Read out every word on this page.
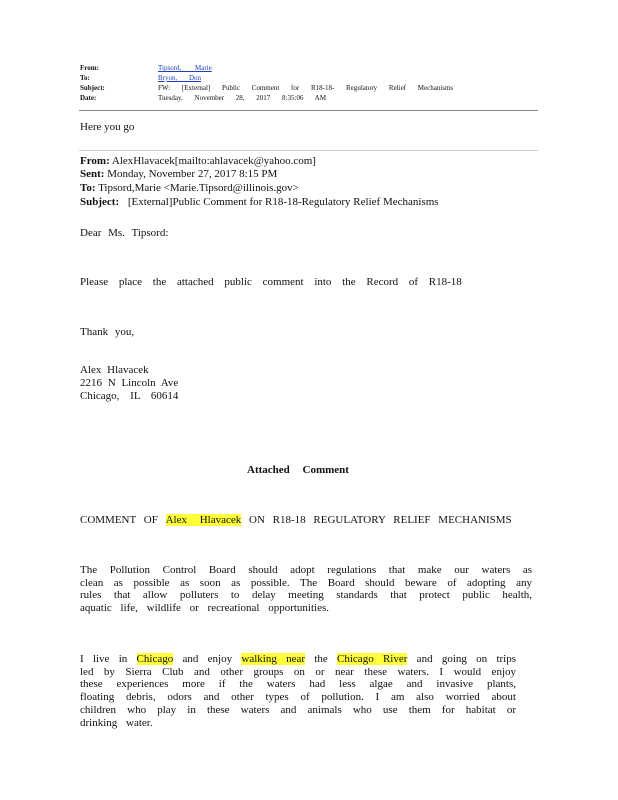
From:	Tipsord, Marie
To:	Bryon, Don
Subject:	FW: [External] Public Comment for R18-18- Regulatory Relief Mechanisms
Date:	Tuesday, November 28, 2017 8:35:06 AM
Here you go
From: AlexHlavacek[mailto:ahlavacek@yahoo.com]
Sent: Monday, November 27, 2017 8:15 PM
To: Tipsord,Marie <Marie.Tipsord@illinois.gov>
Subject: [External]Public Comment for R18-18-Regulatory Relief Mechanisms
Dear Ms. Tipsord:
Please place the attached public comment into the Record of R18-18
Thank you,
Alex Hlavacek
2216 N Lincoln Ave
Chicago, IL 60614
Attached Comment
COMMENT OF Alex Hlavacek ON R18-18 REGULATORY RELIEF MECHANISMS
The Pollution Control Board should adopt regulations that make our waters as
clean as possible as soon as possible. The Board should beware of adopting any
rules that allow polluters to delay meeting standards that protect public health,
aquatic life, wildlife or recreational opportunities.
I live in Chicago and enjoy walking near the Chicago River and going on trips
led by Sierra Club and other groups on or near these waters. I would enjoy
these experiences more if the waters had less algae and invasive plants,
floating debris, odors and other types of pollution. I am also worried about
children who play in these waters and animals who use them for habitat or
drinking water.
